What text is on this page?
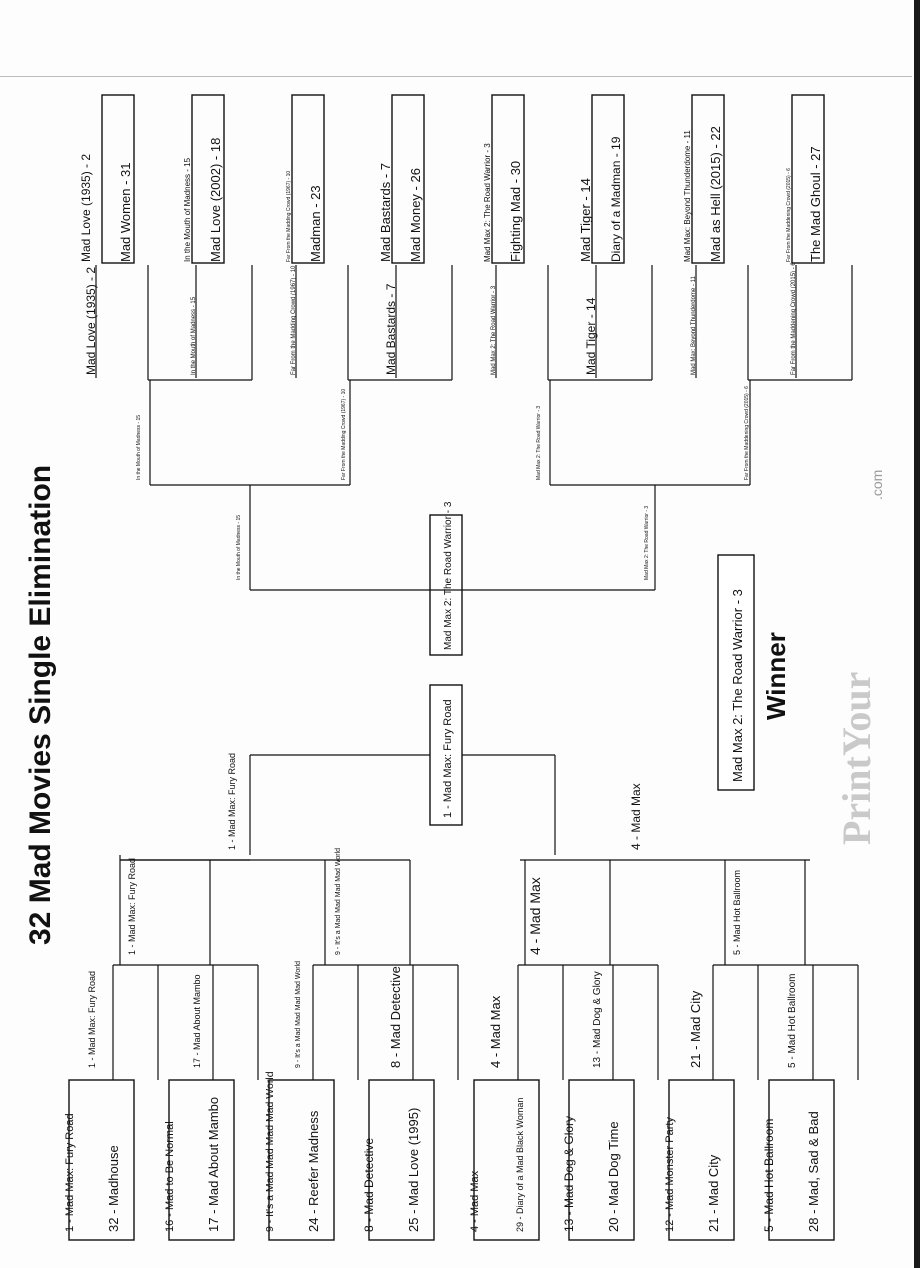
1 - Mad Max: Fury Road 32 - Madhouse	16 - Mad to Be Normal 17 - Mad About Mambo	9 - It's a Mad Mad Mad Mad World 24 - Reefer Madness	8 - Mad Detective 25 - Mad Love (1995)	4 - Mad Max	29 - Diary of a Mad Black Woman	13 - Mad Dog & Glory 20 - Mad Dog Time	12 - Mad Monster Party 21 - Mad City	5 - Mad Hot Ballroom 28 - Mad, Sad & Bad
1 - Mad Max: Fury Road	17 - Mad About Mambo	9 - It's a Mad Mad Mad Mad World	8 - Mad Detective	4 - Mad Max	13 - Mad Dog & Glory	21 - Mad City	5 - Mad Hot Ballroom
1 - Mad Max: Fury Road	9 - It's a Mad Mad Mad Mad World	4 - Mad Max	5 - Mad Hot Ballroom
1 - Mad Max: Fury Road	4 - Mad Max
1 - Mad Max: Fury Road
Mad Max 2: The Road Warrior - 3
Mad Love (1935) - 2 Mad Women - 31	In the Mouth of Madness - 15 Mad Love (2002) - 18	Far From the Madding Crowd (1967) - 10 Madman - 23	Mad Bastards - 7 Mad Money - 26	Mad Max 2: The Road Warrior - 3 Fighting Mad - 30	Mad Tiger - 14 Diary of a Madman - 19	Mad Max: Beyond Thunderdome - 11 Mad as Hell (2015) - 22	Far From the Maddening Crowd (2015) - 6 The Mad Ghoul - 27
Mad Love (1935) - 2	In the Mouth of Madness - 15	Far From the Madding Crowd (1967) - 10	Mad Bastards - 7	Mad Max 2: The Road Warrior - 3	Mad Tiger - 14	Mad Max: Beyond Thunderdome - 11	Far From the Maddening Crowd (2015) - 6
In the Mouth of Madness - 15	Far From the Madding Crowd (1967) - 10	Mad Max 2: The Road Warrior - 3	Far From the Maddening Crowd (2015) - 6
In the Mouth of Madness - 15	Mad Max 2: The Road Warrior - 3
Mad Max 2: The Road Warrior - 3 Winner
32 Mad Movies Single Elimination	PrintYour
.com
